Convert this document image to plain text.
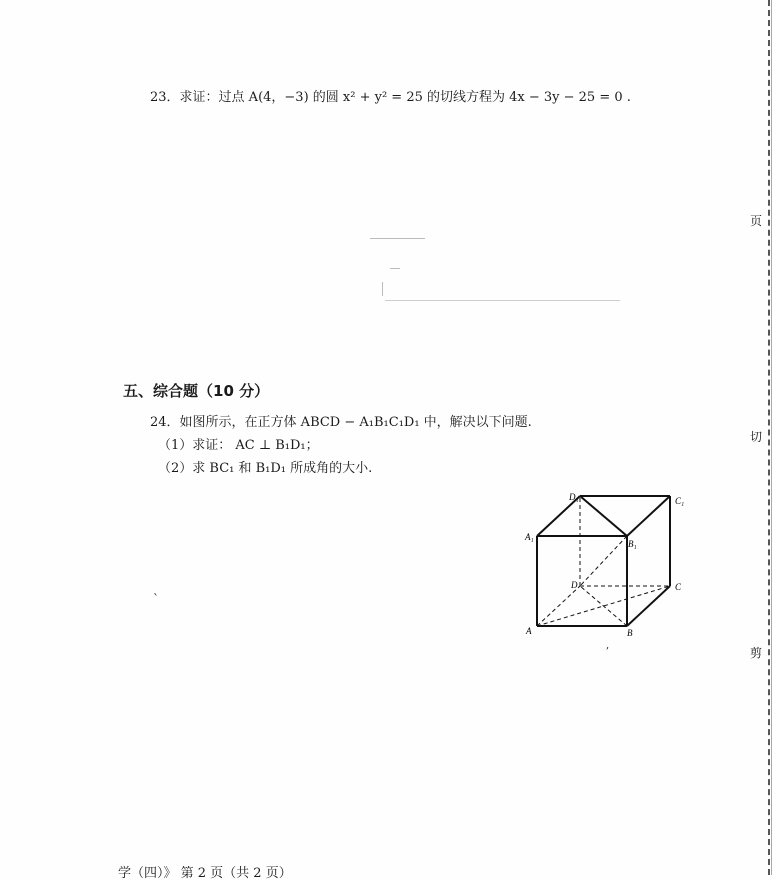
23．求证：过点 A(4，−3) 的圆 x² + y² = 25 的切线方程为 4x − 3y − 25 = 0 .
五、综合题（10 分）
24．如图所示，在正方体 ABCD − A₁B₁C₁D₁ 中，解决以下问题.
（1）求证： AC ⊥ B₁D₁；
（2）求 BC₁ 和 B₁D₁ 所成角的大小.
A	B
C
D
A₁
B₁
C₁
D₁
`
,
页
切
剪
学（四）》 第 2 页（共 2 页）
